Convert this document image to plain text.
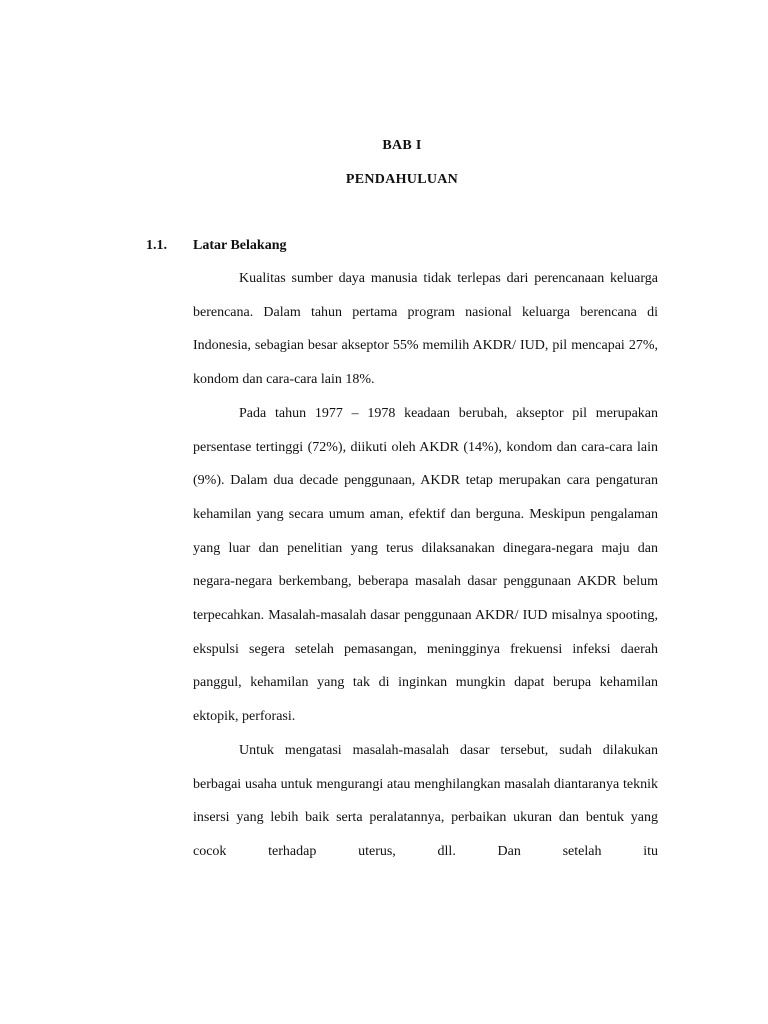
BAB I
PENDAHULUAN
1.1. Latar Belakang

Kualitas sumber daya manusia tidak terlepas dari perencanaan keluarga berencana. Dalam tahun pertama program nasional keluarga berencana di Indonesia, sebagian besar akseptor 55% memilih AKDR/ IUD, pil mencapai 27%, kondom dan cara-cara lain 18%.

Pada tahun 1977 – 1978 keadaan berubah, akseptor pil merupakan persentase tertinggi (72%), diikuti oleh AKDR (14%), kondom dan cara-cara lain (9%). Dalam dua decade penggunaan, AKDR tetap merupakan cara pengaturan kehamilan yang secara umum aman, efektif dan berguna. Meskipun pengalaman yang luar dan penelitian yang terus dilaksanakan dinegara-negara maju dan negara-negara berkembang, beberapa masalah dasar penggunaan AKDR belum terpecahkan. Masalah-masalah dasar penggunaan AKDR/ IUD misalnya spooting, ekspulsi segera setelah pemasangan, meningginya frekuensi infeksi daerah panggul, kehamilan yang tak di inginkan mungkin dapat berupa kehamilan ektopik, perforasi.

Untuk mengatasi masalah-masalah dasar tersebut, sudah dilakukan berbagai usaha untuk mengurangi atau menghilangkan masalah diantaranya teknik insersi yang lebih baik serta peralatannya, perbaikan ukuran dan bentuk yang cocok terhadap uterus, dll. Dan setelah itu
